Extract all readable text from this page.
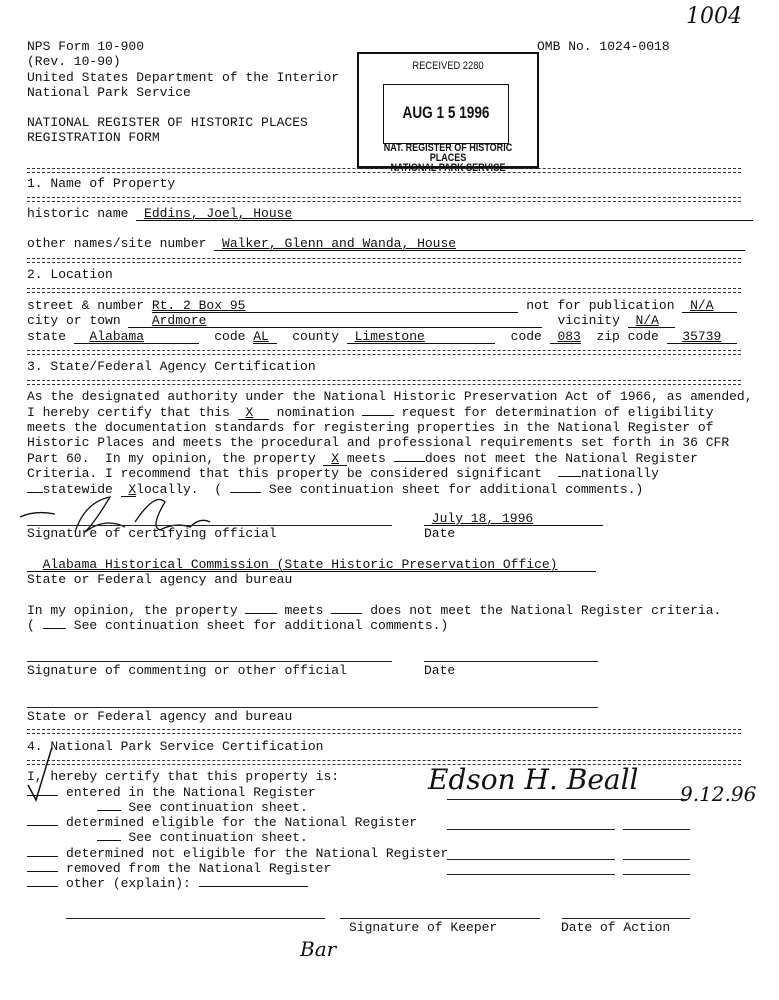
1004
NPS Form 10-900	OMB No. 1024-0018
(Rev. 10-90)
United States Department of the Interior
National Park Service
NATIONAL REGISTER OF HISTORIC PLACES
REGISTRATION FORM
RECEIVED 2280
AUG 1 5 1996
NAT. REGISTER OF HISTORIC PLACES
NATIONAL PARK SERVICE
1. Name of Property
historic name Eddins, Joel, House
other names/site number Walker, Glenn and Wanda, House
2. Location
street & number Rt. 2 Box 95	not for publication N/A
city or town Ardmore	vicinity N/A
state Alabama	code AL  county Limestone	code 083  zip code 35739
3. State/Federal Agency Certification
As the designated authority under the National Historic Preservation Act of 1966, as amended,
I hereby certify that this X nomination  request for determination of eligibility
meets the documentation standards for registering properties in the National Register of
Historic Places and meets the procedural and professional requirements set forth in 36 CFR
Part 60.  In my opinion, the property X meets does not meet the National Register
Criteria. I recommend that this property be considered significant  nationally
statewide Xlocally.  (  See continuation sheet for additional comments.)
July 18, 1996
Signature of certifying official	Date
Alabama Historical Commission (State Historic Preservation Office)
State or Federal agency and bureau
In my opinion, the property  meets  does not meet the National Register criteria.
(  See continuation sheet for additional comments.)
Signature of commenting or other official	Date
State or Federal agency and bureau
4. National Park Service Certification
I, hereby certify that this property is:
entered in the National Register
See continuation sheet.
determined eligible for the National Register
See continuation sheet.
determined not eligible for the National Register
removed from the National Register
other (explain):
Edson H. Beall 9.12.96
Signature of Keeper	Date of Action
Bar
